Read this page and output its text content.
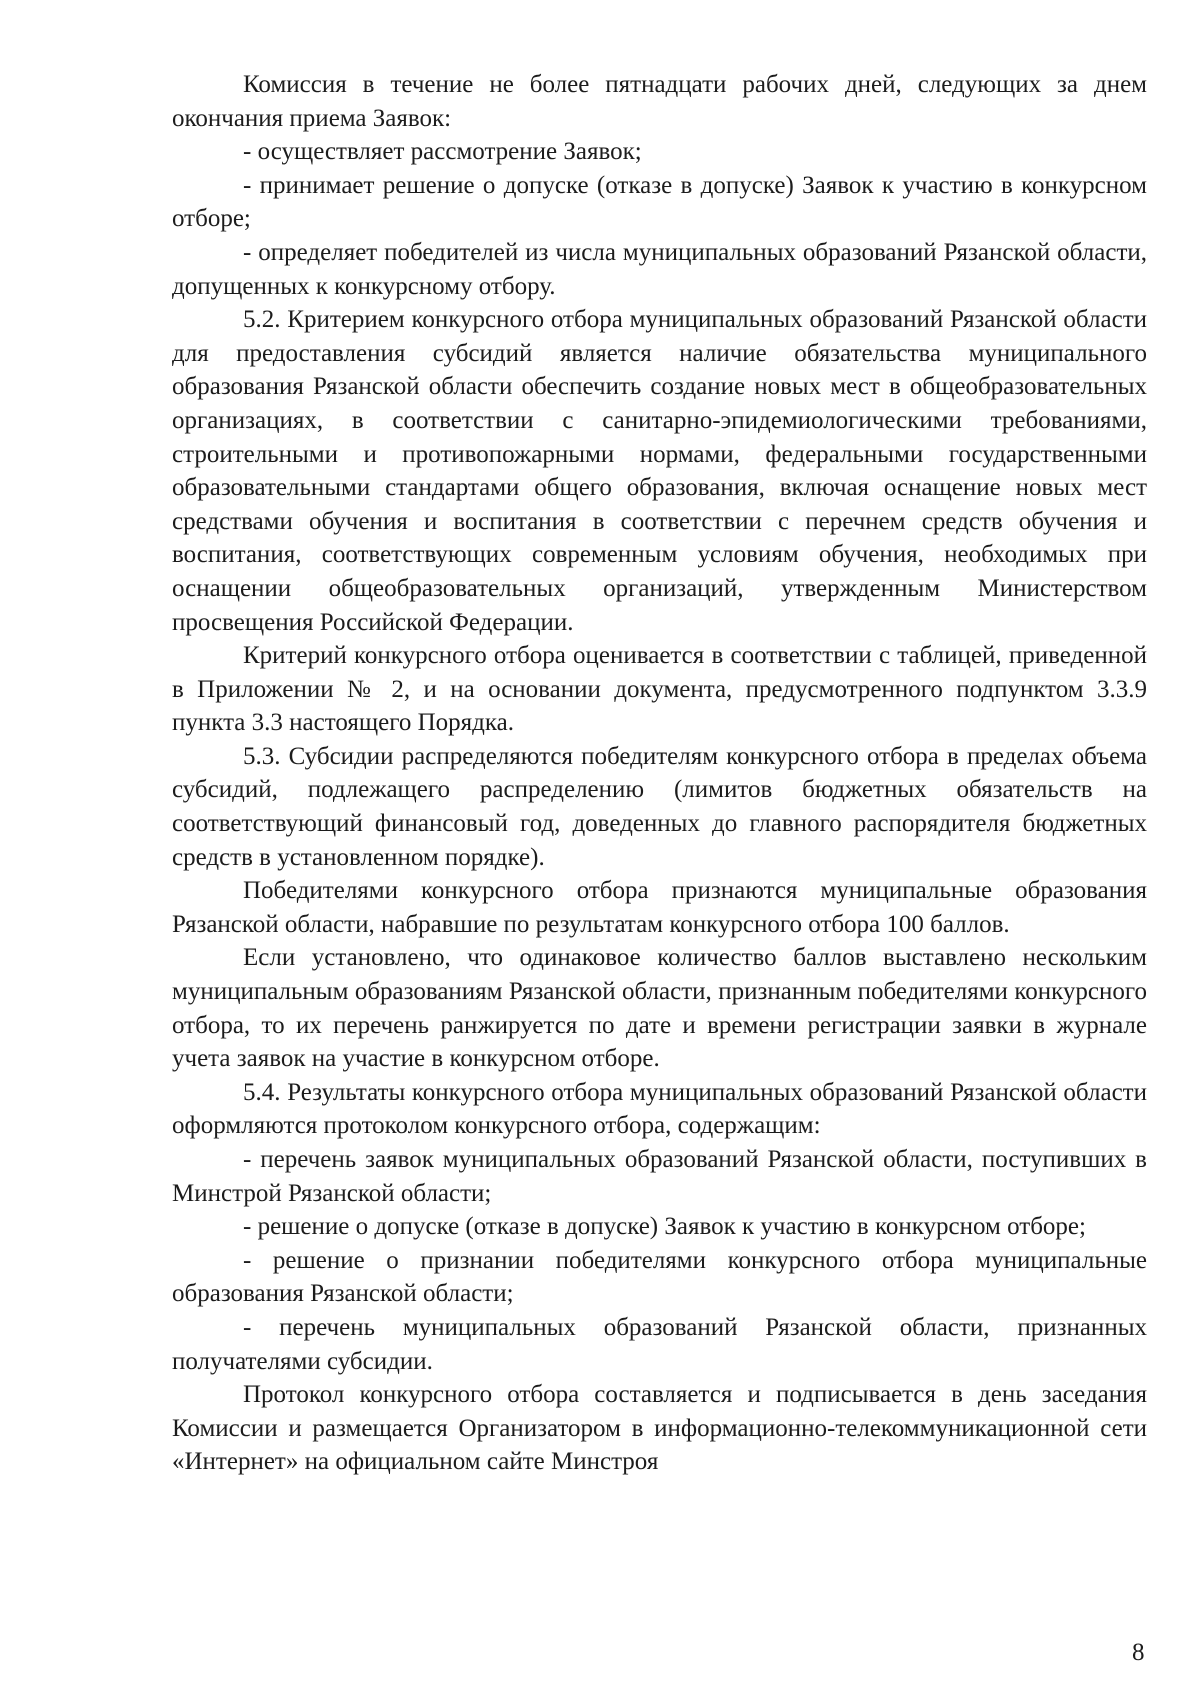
Комиссия в течение не более пятнадцати рабочих дней, следующих за днем окончания приема Заявок:

- осуществляет рассмотрение Заявок;

- принимает решение о допуске (отказе в допуске) Заявок к участию в конкурсном отборе;

- определяет победителей из числа муниципальных образований Рязанской области, допущенных к конкурсному отбору.

5.2. Критерием конкурсного отбора муниципальных образований Рязанской области для предоставления субсидий является наличие обязательства муниципального образования Рязанской области обеспечить создание новых мест в общеобразовательных организациях, в соответствии с санитарно-эпидемиологическими требованиями, строительными и противопожарными нормами, федеральными государственными образовательными стандартами общего образования, включая оснащение новых мест средствами обучения и воспитания в соответствии с перечнем средств обучения и воспитания, соответствующих современным условиям обучения, необходимых при оснащении общеобразовательных организаций, утвержденным Министерством просвещения Российской Федерации.

Критерий конкурсного отбора оценивается в соответствии с таблицей, приведенной в Приложении № 2, и на основании документа, предусмотренного подпунктом 3.3.9 пункта 3.3 настоящего Порядка.

5.3. Субсидии распределяются победителям конкурсного отбора в пределах объема субсидий, подлежащего распределению (лимитов бюджетных обязательств на соответствующий финансовый год, доведенных до главного распорядителя бюджетных средств в установленном порядке).

Победителями конкурсного отбора признаются муниципальные образования Рязанской области, набравшие по результатам конкурсного отбора 100 баллов.

Если установлено, что одинаковое количество баллов выставлено нескольким муниципальным образованиям Рязанской области, признанным победителями конкурсного отбора, то их перечень ранжируется по дате и времени регистрации заявки в журнале учета заявок на участие в конкурсном отборе.

5.4. Результаты конкурсного отбора муниципальных образований Рязанской области оформляются протоколом конкурсного отбора, содержащим:

- перечень заявок муниципальных образований Рязанской области, поступивших в Минстрой Рязанской области;

- решение о допуске (отказе в допуске) Заявок к участию в конкурсном отборе;

- решение о признании победителями конкурсного отбора муниципальные образования Рязанской области;

- перечень муниципальных образований Рязанской области, признанных получателями субсидии.

Протокол конкурсного отбора составляется и подписывается в день заседания Комиссии и размещается Организатором в информационно-телекоммуникационной сети «Интернет» на официальном сайте Минстроя

8
